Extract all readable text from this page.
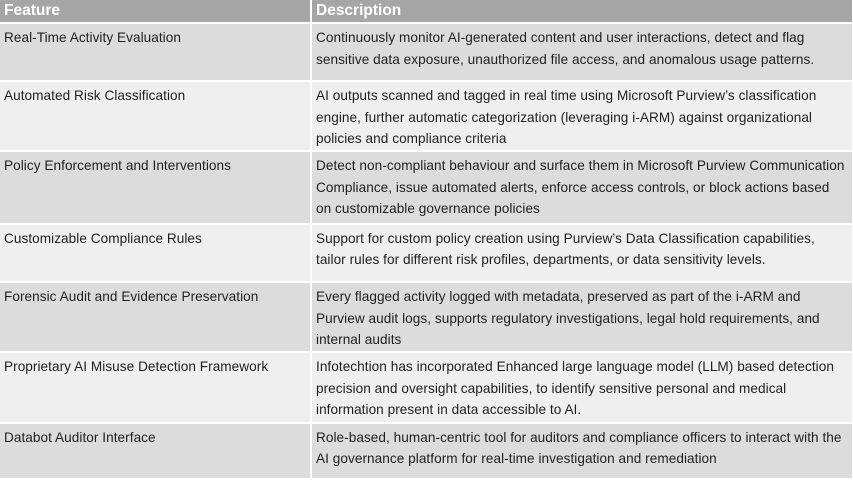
Feature	Description
Real-Time Activity Evaluation	Continuously monitor AI-generated content and user interactions, detect and flag sensitive data exposure, unauthorized file access, and anomalous usage patterns.
Automated Risk Classification	AI outputs scanned and tagged in real time using Microsoft Purview’s classification engine, further automatic categorization (leveraging i-ARM) against organizational policies and compliance criteria
Policy Enforcement and Interventions	Detect non-compliant behaviour and surface them in Microsoft Purview Communication Compliance, issue automated alerts, enforce access controls, or block actions based on customizable governance policies
Customizable Compliance Rules	Support for custom policy creation using Purview’s Data Classification capabilities, tailor rules for different risk profiles, departments, or data sensitivity levels.
Forensic Audit and Evidence Preservation	Every flagged activity logged with metadata, preserved as part of the i-ARM and Purview audit logs, supports regulatory investigations, legal hold requirements, and internal audits
Proprietary AI Misuse Detection Framework	Infotechtion has incorporated Enhanced large language model (LLM) based detection precision and oversight capabilities, to identify sensitive personal and medical information present in data accessible to AI.
Databot Auditor Interface	Role-based, human-centric tool for auditors and compliance officers to interact with the AI governance platform for real-time investigation and remediation
